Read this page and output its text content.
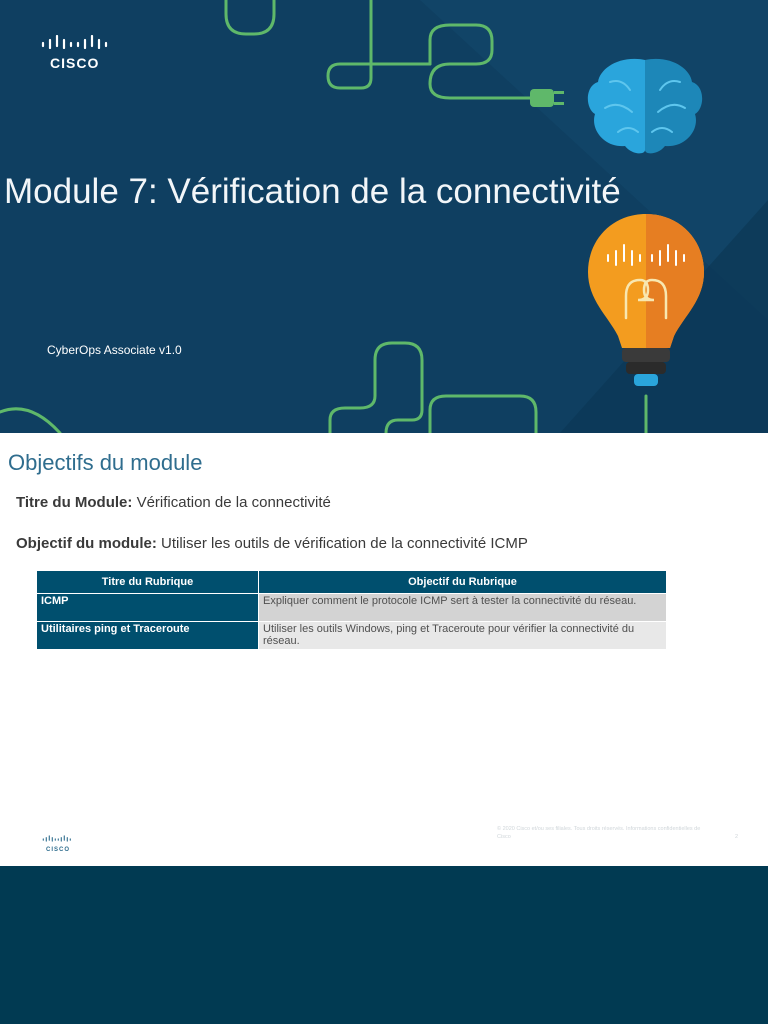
CISCO
Module 7: Vérification de la connectivité
CyberOps Associate v1.0
Objectifs du module
Titre du Module: Vérification de la connectivité
Objectif du module: Utiliser les outils de vérification de la connectivité ICMP
Titre du Rubrique	Objectif du Rubrique
ICMP	Expliquer comment le protocole ICMP sert à tester la connectivité du réseau.
Utilitaires ping et Traceroute	Utiliser les outils Windows, ping et Traceroute pour vérifier la connectivité du réseau.
CISCO
© 2020 Cisco et/ou ses filiales. Tous droits réservés. Informations confidentielles de Cisco	2
